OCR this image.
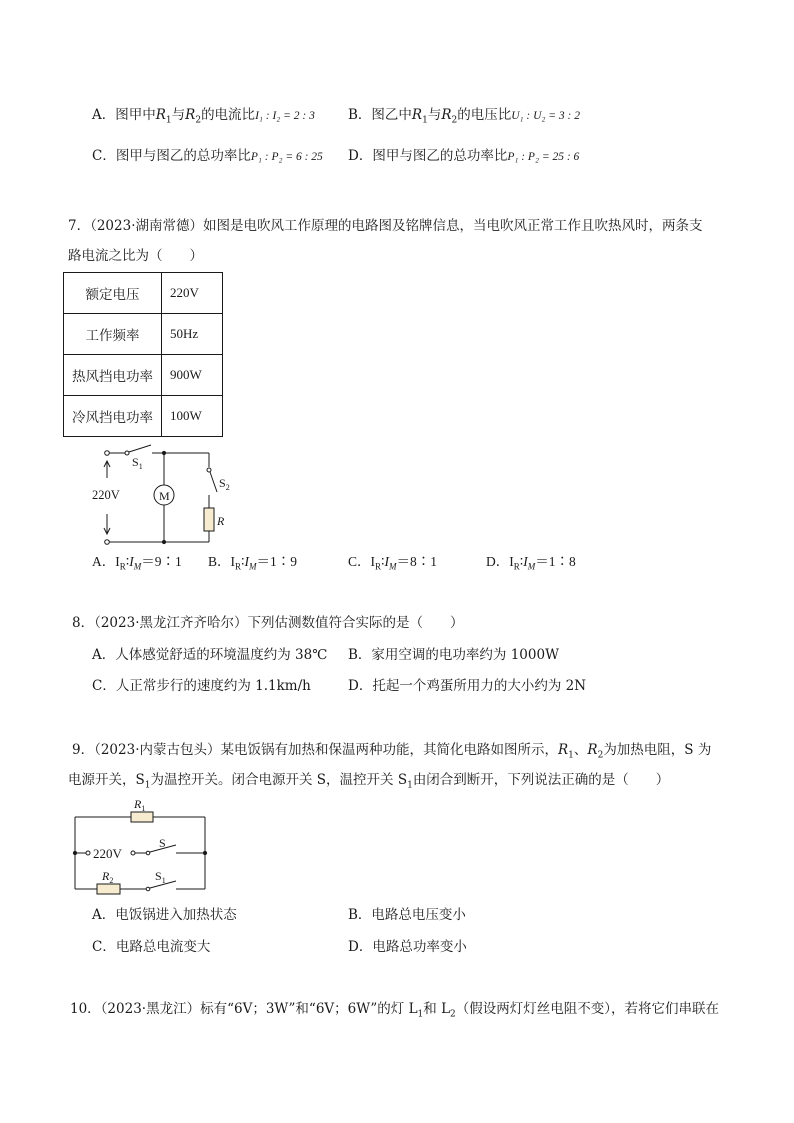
A．图甲中$R_1$与$R_2$的电流比I₁ : I₂ = 2 : 3 B．图乙中$R_1$与$R_2$的电压比U₁ : U₂ = 3 : 2
C．图甲与图乙的总功率比P₁ : P₂ = 6 : 25 D．图甲与图乙的总功率比P₁ : P₂ = 25 : 6
7．（2023·湖南常德）如图是电吹风工作原理的电路图及铭牌信息，当电吹风正常工作且吹热风时，两条支
路电流之比为（　　）
额定电压	220V
工作频率	50Hz
热风挡电功率	900W
冷风挡电功率	100W
$S_1$
$S_2$
220V	M
R
A．$I_R∶I_M=9∶1$ B．$I_R∶I_M=1∶9$	C．$I_R∶I_M=8∶1$	D．$I_R∶I_M=1∶8$
8．（2023·黑龙江齐齐哈尔）下列估测数值符合实际的是（　　）
A．人体感觉舒适的环境温度约为 38℃ B．家用空调的电功率约为 1000W
C．人正常步行的速度约为 1.1km/h	D．托起一个鸡蛋所用力的大小约为 2N
9．（2023·内蒙古包头）某电饭锅有加热和保温两种功能，其简化电路如图所示，$R_1$、$R_2$为加热电阻，S 为
电源开关，$S_1$为温控开关。闭合电源开关 S，温控开关 $S_1$由闭合到断开，下列说法正确的是（　　）
$R_1$
220V
S
$R_2$	$S_1$
A．电饭锅进入加热状态	B．电路总电压变小
C．电路总电流变大	D．电路总功率变小
10．（2023·黑龙江）标有“6V；3W”和“6V；6W”的灯 $L_1$和 $L_2$（假设两灯灯丝电阻不变），若将它们串联在
